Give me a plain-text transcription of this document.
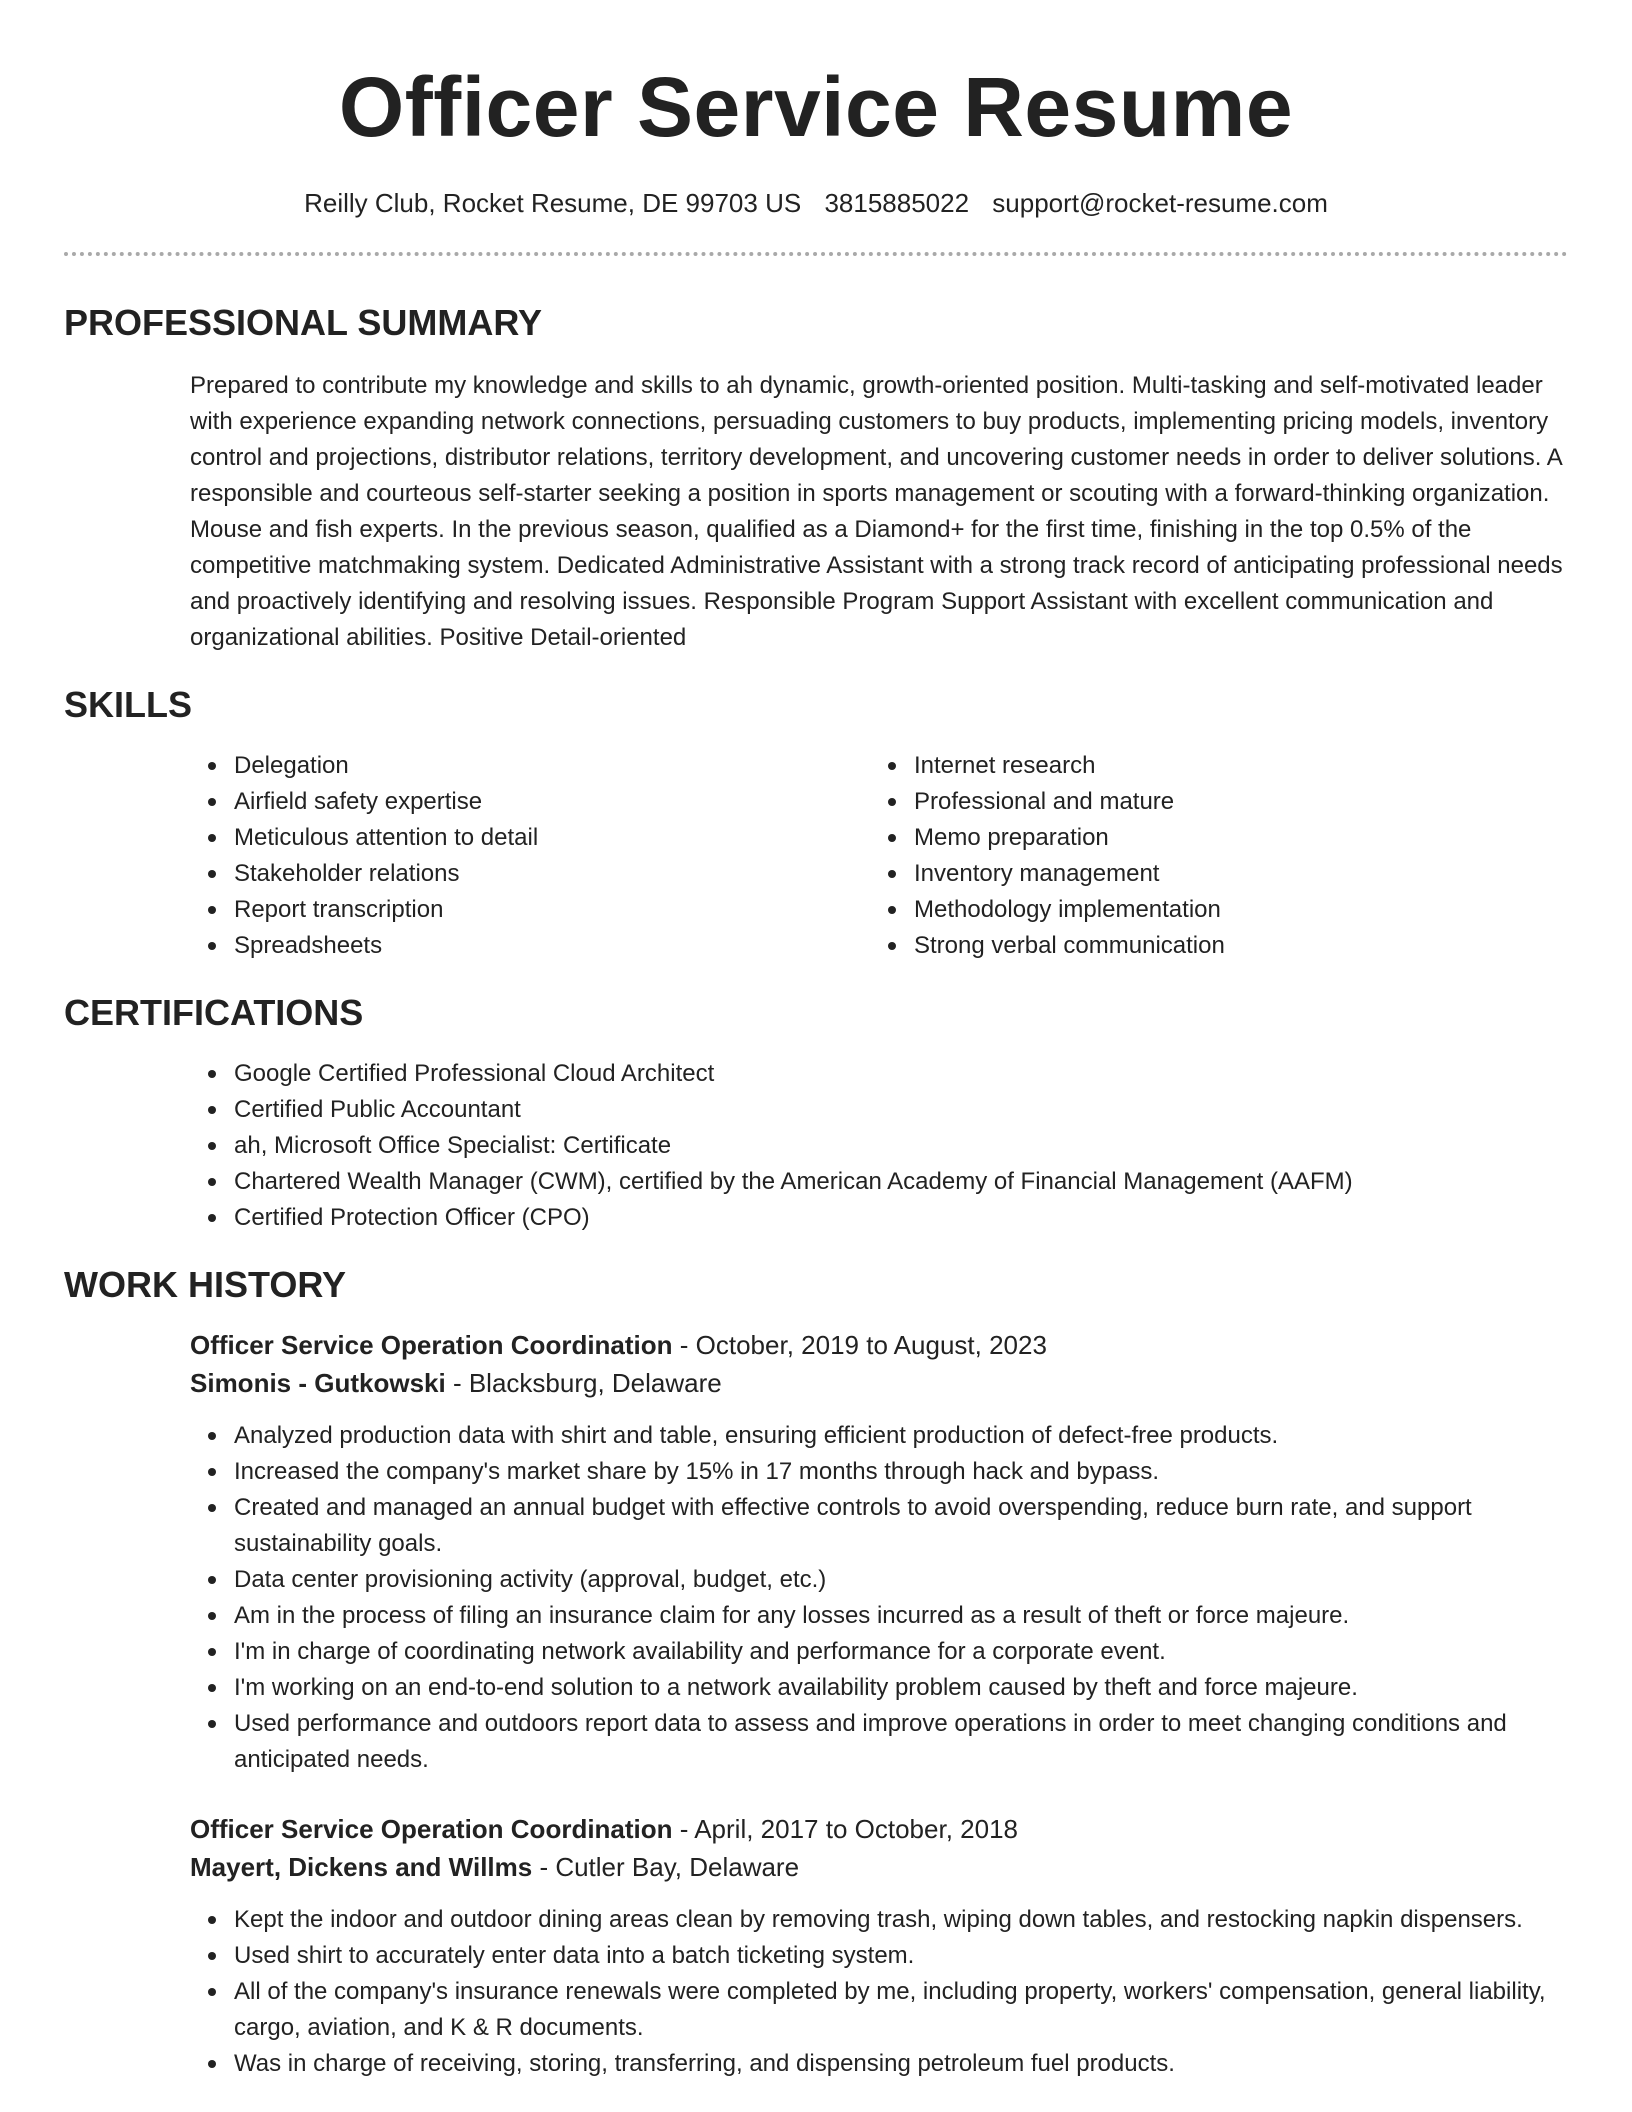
Officer Service Resume
Reilly Club, Rocket Resume, DE 99703 US 3815885022 support@rocket-resume.com
PROFESSIONAL SUMMARY
Prepared to contribute my knowledge and skills to ah dynamic, growth-oriented position. Multi-tasking and self-motivated leader with experience expanding network connections, persuading customers to buy products, implementing pricing models, inventory control and projections, distributor relations, territory development, and uncovering customer needs in order to deliver solutions. A responsible and courteous self-starter seeking a position in sports management or scouting with a forward-thinking organization. Mouse and fish experts. In the previous season, qualified as a Diamond+ for the first time, finishing in the top 0.5% of the competitive matchmaking system. Dedicated Administrative Assistant with a strong track record of anticipating professional needs and proactively identifying and resolving issues. Responsible Program Support Assistant with excellent communication and organizational abilities. Positive Detail-oriented
SKILLS
Delegation
Airfield safety expertise
Meticulous attention to detail
Stakeholder relations
Report transcription
Spreadsheets
Internet research
Professional and mature
Memo preparation
Inventory management
Methodology implementation
Strong verbal communication
CERTIFICATIONS
Google Certified Professional Cloud Architect
Certified Public Accountant
ah, Microsoft Office Specialist: Certificate
Chartered Wealth Manager (CWM), certified by the American Academy of Financial Management (AAFM)
Certified Protection Officer (CPO)
WORK HISTORY
Officer Service Operation Coordination - October, 2019 to August, 2023
Simonis - Gutkowski - Blacksburg, Delaware
Analyzed production data with shirt and table, ensuring efficient production of defect-free products.
Increased the company's market share by 15% in 17 months through hack and bypass.
Created and managed an annual budget with effective controls to avoid overspending, reduce burn rate, and support sustainability goals.
Data center provisioning activity (approval, budget, etc.)
Am in the process of filing an insurance claim for any losses incurred as a result of theft or force majeure.
I'm in charge of coordinating network availability and performance for a corporate event.
I'm working on an end-to-end solution to a network availability problem caused by theft and force majeure.
Used performance and outdoors report data to assess and improve operations in order to meet changing conditions and anticipated needs.
Officer Service Operation Coordination - April, 2017 to October, 2018
Mayert, Dickens and Willms - Cutler Bay, Delaware
Kept the indoor and outdoor dining areas clean by removing trash, wiping down tables, and restocking napkin dispensers.
Used shirt to accurately enter data into a batch ticketing system.
All of the company's insurance renewals were completed by me, including property, workers' compensation, general liability, cargo, aviation, and K & R documents.
Was in charge of receiving, storing, transferring, and dispensing petroleum fuel products.
